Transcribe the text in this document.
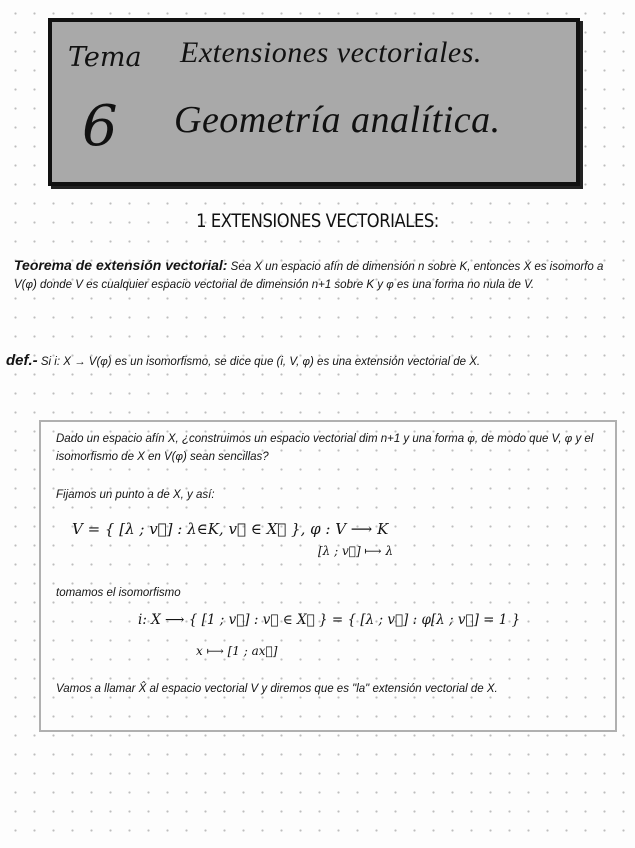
Tema
6
Extensiones vectoriales.
Geometría analítica.
1 EXTENSIONES VECTORIALES:
Teorema de extensión vectorial: Sea X un espacio afín de dimensión n sobre K, entonces X es isomorfo a V(φ) donde V es cualquier espacio vectorial de dimensión n+1 sobre K y φ es una forma no nula de V.
def.- Si i: X → V(φ) es un isomorfismo, se dice que (i, V, φ) es una extensión vectorial de X.
Dado un espacio afín X, ¿construimos un espacio vectorial dim n+1 y una forma φ, de modo que V, φ y el isomorfismo de X en V(φ) sean sencillas?
Fijamos un punto a de X, y así:
V = { [λ ; v⃗] : λ∈K, v⃗ ∈ X⃗ }, φ : V ⟶ K
[λ ; v⃗] ⟼ λ
tomamos el isomorfismo
i: X ⟶ { [1 ; v⃗] : v⃗ ∈ X⃗ } = { [λ ; v⃗] : φ[λ ; v⃗] = 1 }
x ⟼ [1 ; ax⃗]
Vamos a llamar X̂ al espacio vectorial V y diremos que es "la" extensión vectorial de X.
